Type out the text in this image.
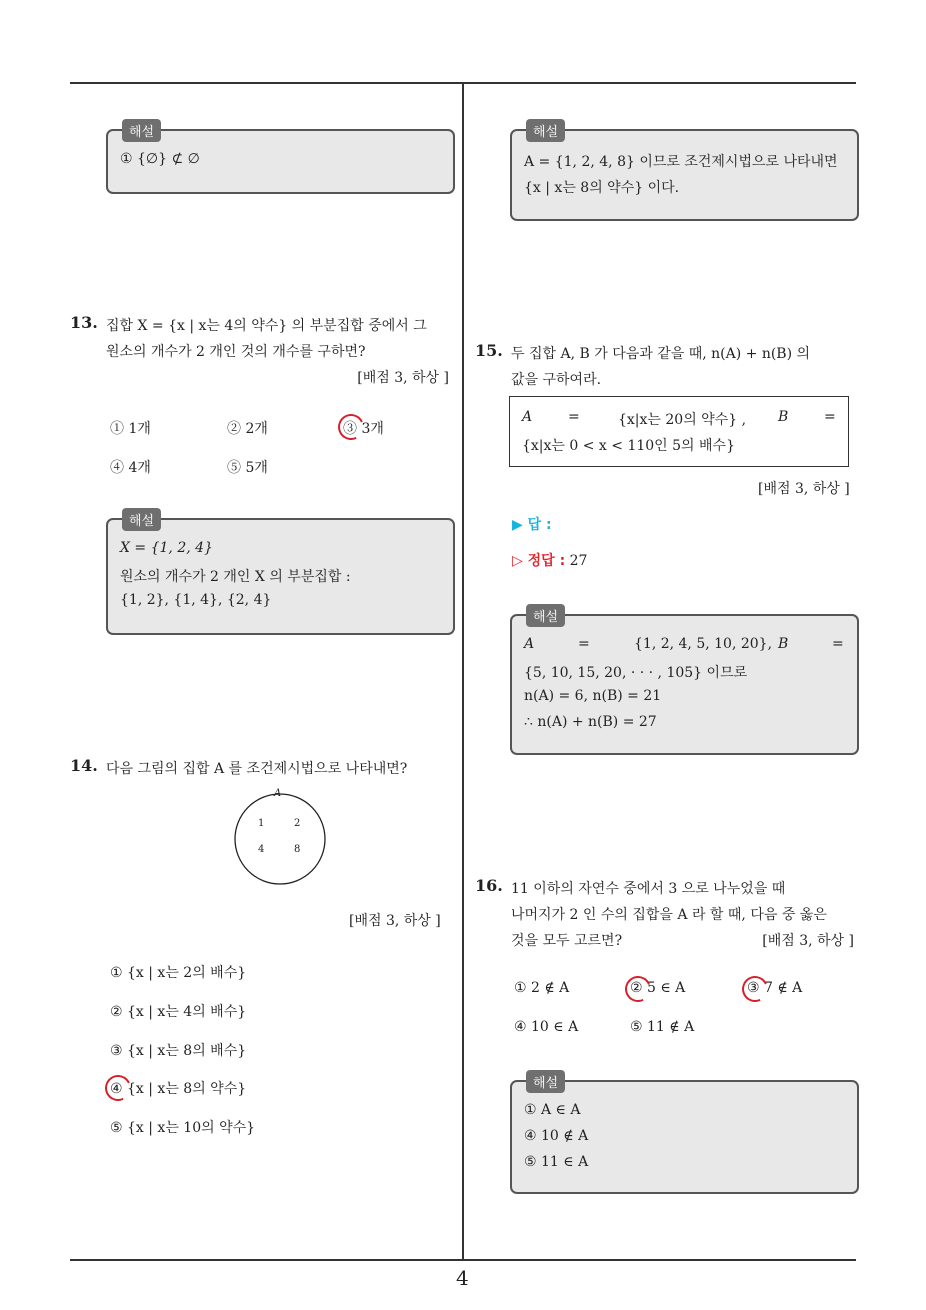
해설
① {∅} ⊄ ∅
13. 집합 X = {x | x는 4의 약수} 의 부분집합 중에서 그
원소의 개수가 2 개인 것의 개수를 구하면?
[배점 3, 하상 ]
① 1개	② 2개	③ 3개
④ 4개	⑤ 5개
해설
X = {1, 2, 4}
원소의 개수가 2 개인 X 의 부분집합 :
{1, 2}, {1, 4}, {2, 4}
14. 다음 그림의 집합 A 를 조건제시법으로 나타내면?
A
1	2
4	8
[배점 3, 하상 ]
① {x | x는 2의 배수}
② {x | x는 4의 배수}
③ {x | x는 8의 배수}
④ {x | x는 8의 약수}
⑤ {x | x는 10의 약수}
해설
A = {1, 2, 4, 8} 이므로 조건제시법으로 나타내면
{x | x는 8의 약수} 이다.
15. 두 집합 A, B 가 다음과 같을 때, n(A) + n(B) 의
값을 구하여라.
A	=	{x|x는 20의 약수} , B	=
{x|x는 0 < x < 110인 5의 배수}
[배점 3, 하상 ]
▶ 답 :
▷ 정답 : 27
해설
A	=	{1, 2, 4, 5, 10, 20}, B	=
{5, 10, 15, 20, · · · , 105} 이므로
n(A) = 6, n(B) = 21
∴ n(A) + n(B) = 27
16. 11 이하의 자연수 중에서 3 으로 나누었을 때
나머지가 2 인 수의 집합을 A 라 할 때, 다음 중 옳은
것을 모두 고르면?	[배점 3, 하상 ]
① 2 ∉ A	② 5 ∈ A	③ 7 ∉ A
④ 10 ∈ A	⑤ 11 ∉ A
해설
① A ∈ A
④ 10 ∉ A
⑤ 11 ∈ A
4
